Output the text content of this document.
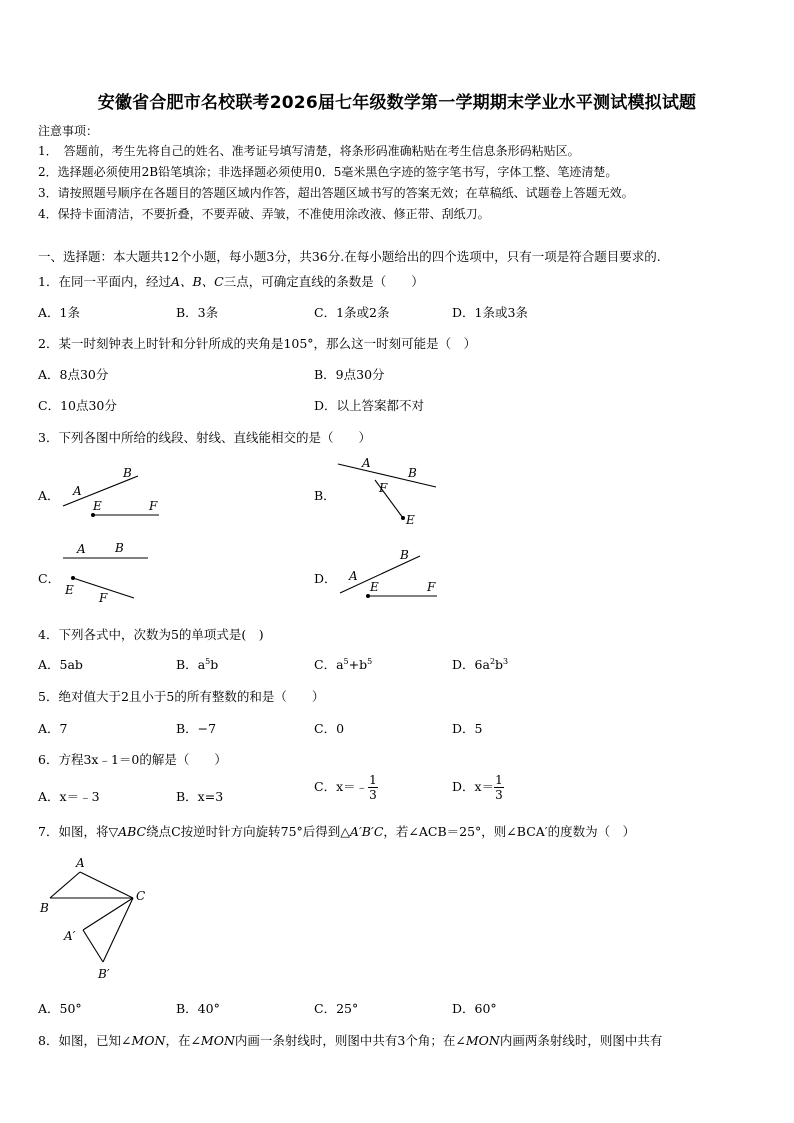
安徽省合肥市名校联考2026届七年级数学第一学期期末学业水平测试模拟试题
注意事项：
1．　答题前，考生先将自己的姓名、准考证号填写清楚，将条形码准确粘贴在考生信息条形码粘贴区。
2．选择题必须使用2B铅笔填涂；非选择题必须使用0．5毫米黑色字迹的签字笔书写，字体工整、笔迹清楚。
3．请按照题号顺序在各题目的答题区域内作答，超出答题区域书写的答案无效；在草稿纸、试题卷上答题无效。
4．保持卡面清洁，不要折叠，不要弄破、弄皱，不准使用涂改液、修正带、刮纸刀。
一、选择题：本大题共12个小题，每小题3分，共36分.在每小题给出的四个选项中，只有一项是符合题目要求的.
1．在同一平面内，经过A、B、C三点，可确定直线的条数是（　　）
A．1条	B．3条	C．1条或2条	D．1条或3条
2．某一时刻钟表上时针和分针所成的夹角是105°，那么这一时刻可能是（　）
A．8点30分	B．9点30分
C．10点30分	D．以上答案都不对
3．下列各图中所给的线段、射线、直线能相交的是（　　）
A．
B
A
E	F
B．
A
B
F
E
C．
A B
E
F
D．
B
A
E	F
4．下列各式中，次数为5的单项式是(　)
A．5ab	B．$a^5b$	C．$a^5+b^5$	D．$6a^2b^3$
5．绝对值大于2且小于5的所有整数的和是（　　）
A．7	B．−7	C．0	D．5
6．方程3x﹣1＝0的解是（　　）
A．x＝﹣3	B．x=3
C．x＝﹣ $\frac{1}{3}$	D．$x= \frac{1}{3}$
7．如图，将▽ABC绕点C按逆时针方向旋转75°后得到△A′B′C，若∠ACB＝25°，则∠BCA′的度数为（　）
A
B
C
A′
B′
A．50°	B．40°	C．25°	D．60°
8．如图，已知∠MON，在∠MON内画一条射线时，则图中共有3个角；在∠MON内画两条射线时，则图中共有
